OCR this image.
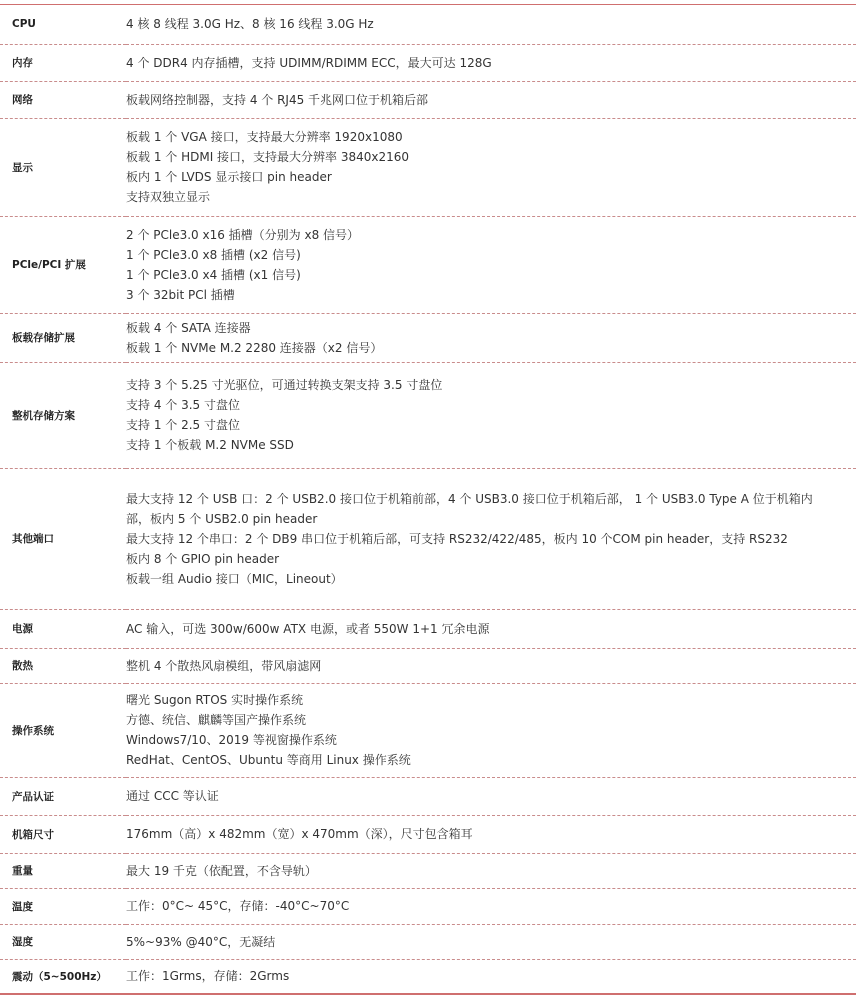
CPU	4 核 8 线程 3.0G Hz、8 核 16 线程 3.0G Hz

内存	4 个 DDR4 内存插槽，支持 UDIMM/RDIMM ECC，最大可达 128G

网络	板载网络控制器，支持 4 个 RJ45 千兆网口位于机箱后部

显示	板载 1 个 VGA 接口，支持最大分辨率 1920x1080
板载 1 个 HDMI 接口，支持最大分辨率 3840x2160
板内 1 个 LVDS 显示接口 pin header
支持双独立显示

PCle/PCI 扩展	2 个 PCle3.0 x16 插槽（分别为 x8 信号）
1 个 PCle3.0 x8 插槽 (x2 信号)
1 个 PCle3.0 x4 插槽 (x1 信号)
3 个 32bit PCl 插槽

板载存储扩展	板载 4 个 SATA 连接器
板载 1 个 NVMe M.2 2280 连接器（x2 信号）

整机存储方案	支持 3 个 5.25 寸光驱位，可通过转换支架支持 3.5 寸盘位
支持 4 个 3.5 寸盘位
支持 1 个 2.5 寸盘位
支持 1 个板载 M.2 NVMe SSD

其他端口	最大支持 12 个 USB 口：2 个 USB2.0 接口位于机箱前部，4 个 USB3.0 接口位于机箱后部， 1 个 USB3.0 Type A 位于机箱内部，板内 5 个 USB2.0 pin header
最大支持 12 个串口：2 个 DB9 串口位于机箱后部，可支持 RS232/422/485，板内 10 个COM pin header，支持 RS232
板内 8 个 GPIO pin header
板载一组 Audio 接口（MIC，Lineout）

电源	AC 输入，可选 300w/600w ATX 电源，或者 550W 1+1 冗余电源

散热	整机 4 个散热风扇模组，带风扇滤网

操作系统	曙光 Sugon RTOS 实时操作系统
方德、统信、麒麟等国产操作系统
Windows7/10、2019 等视窗操作系统
RedHat、CentOS、Ubuntu 等商用 Linux 操作系统

产品认证	通过 CCC 等认证

机箱尺寸	176mm（高）x 482mm（宽）x 470mm（深），尺寸包含箱耳

重量	最大 19 千克（依配置，不含导轨）

温度	工作：0°C~ 45°C，存储：-40°C~70°C

湿度	5%~93% @40°C，无凝结

震动（5~500Hz）	工作：1Grms，存储：2Grms
